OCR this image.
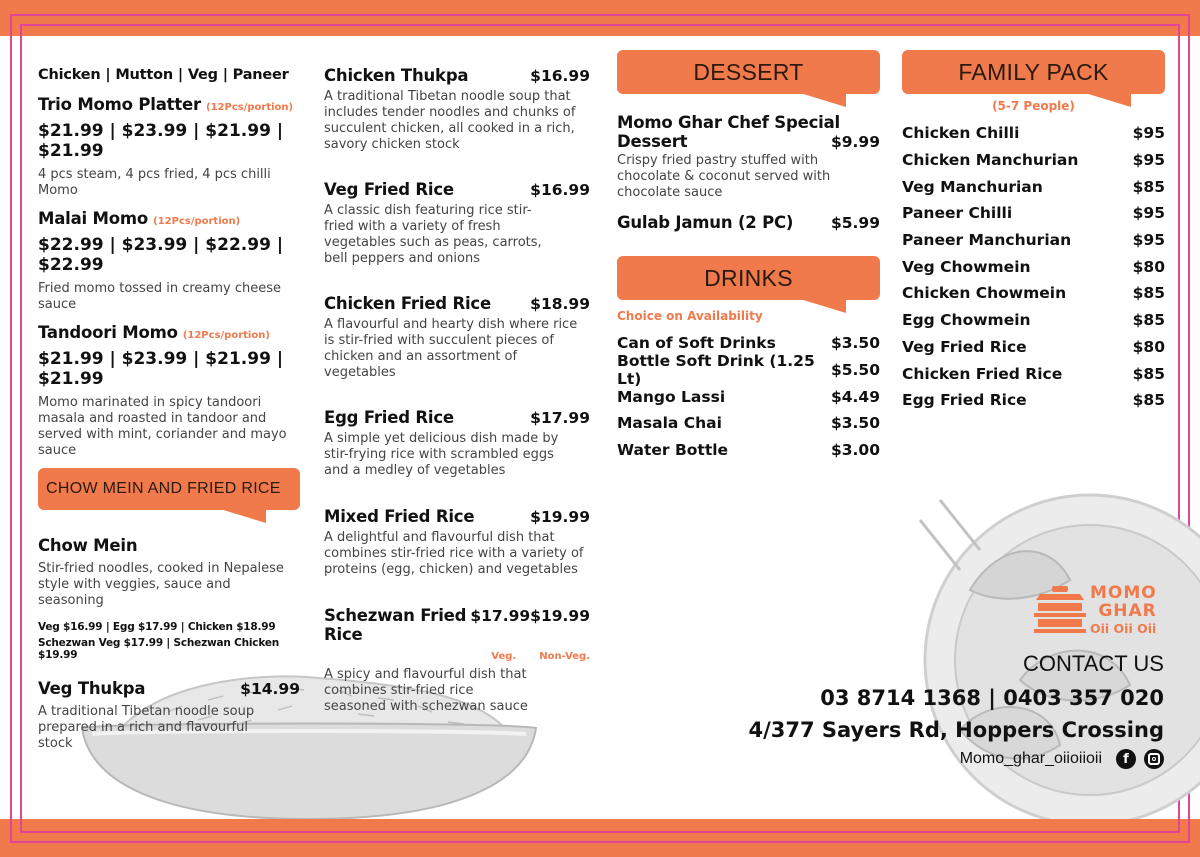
Chicken | Mutton | Veg | Paneer
Trio Momo Platter (12Pcs/portion)
$21.99 | $23.99 | $21.99 | $21.99
4 pcs steam, 4 pcs fried, 4 pcs chilli Momo
Malai Momo (12Pcs/portion)
$22.99 | $23.99 | $22.99 | $22.99
Fried momo tossed in creamy cheese sauce
Tandoori Momo (12Pcs/portion)
$21.99 | $23.99 | $21.99 | $21.99
Momo marinated in spicy tandoori masala and roasted in tandoor and served with mint, coriander and mayo sauce
CHOW MEIN AND FRIED RICE
Chow Mein
Stir-fried noodles, cooked in Nepalese style with veggies, sauce and seasoning
Veg $16.99 | Egg $17.99 | Chicken $18.99
Schezwan Veg $17.99 | Schezwan Chicken $19.99
Veg Thukpa	$14.99
A traditional Tibetan noodle soup prepared in a rich and flavourful stock
Chicken Thukpa	$16.99
A traditional Tibetan noodle soup that includes tender noodles and chunks of succulent chicken, all cooked in a rich, savory chicken stock
Veg Fried Rice	$16.99
A classic dish featuring rice stir-fried with a variety of fresh vegetables such as peas, carrots, bell peppers and onions
Chicken Fried Rice	$18.99
A flavourful and hearty dish where rice is stir-fried with succulent pieces of chicken and an assortment of vegetables
Egg Fried Rice	$17.99
A simple yet delicious dish made by stir-frying rice with scrambled eggs and a medley of vegetables
Mixed Fried Rice	$19.99
A delightful and flavourful dish that combines stir-fried rice with a variety of proteins (egg, chicken) and vegetables
Schezwan Fried Rice
$17.99 $19.99
Veg. Non-Veg.
A spicy and flavourful dish that combines stir-fried rice seasoned with schezwan sauce
DESSERT
Momo Ghar Chef Special
Dessert	$9.99
Crispy fried pastry stuffed with chocolate & coconut served with chocolate sauce
Gulab Jamun (2 PC) $5.99
DRINKS
Choice on Availability
Can of Soft Drinks	$3.50
Bottle Soft Drink (1.25 Lt)	$5.50
Mango Lassi	$4.49
Masala Chai	$3.50
Water Bottle	$3.00
FAMILY PACK
(5-7 People)
Chicken Chilli	$95
Chicken Manchurian	$95
Veg Manchurian	$85
Paneer Chilli	$95
Paneer Manchurian	$95
Veg Chowmein	$80
Chicken Chowmein	$85
Egg Chowmein	$85
Veg Fried Rice	$80
Chicken Fried Rice	$85
Egg Fried Rice	$85
MOMO
GHAR
Oii Oii Oii
CONTACT US
03 8714 1368 | 0403 357 020
4/377 Sayers Rd, Hoppers Crossing
Momo_ghar_oiioiioii	f
